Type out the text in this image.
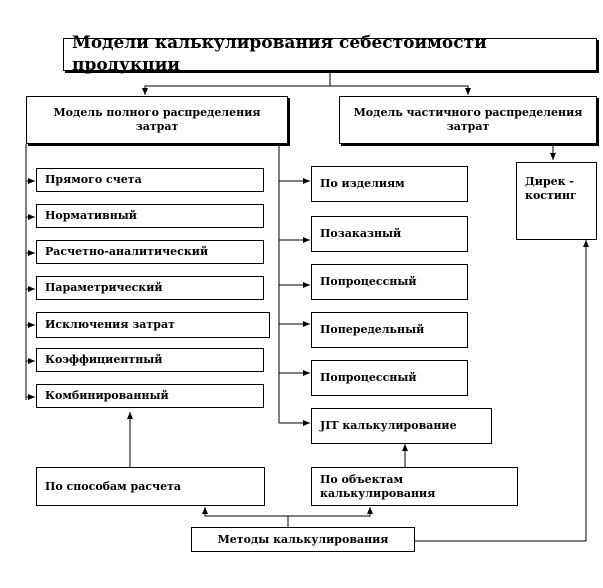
Модели калькулирования себестоимости продукции
Модель полного распределения затрат
Модель частичного распределения затрат
Прямого счета
Нормативный
Расчетно-аналитический
Параметрический
Исключения затрат
Коэффициентный
Комбинированный
По изделиям
Позаказный
Попроцессный
Попередельный
Попроцессный
JIT калькулирование
Дирек - костинг
По способам расчета
По объектам калькулирования
Методы калькулирования
